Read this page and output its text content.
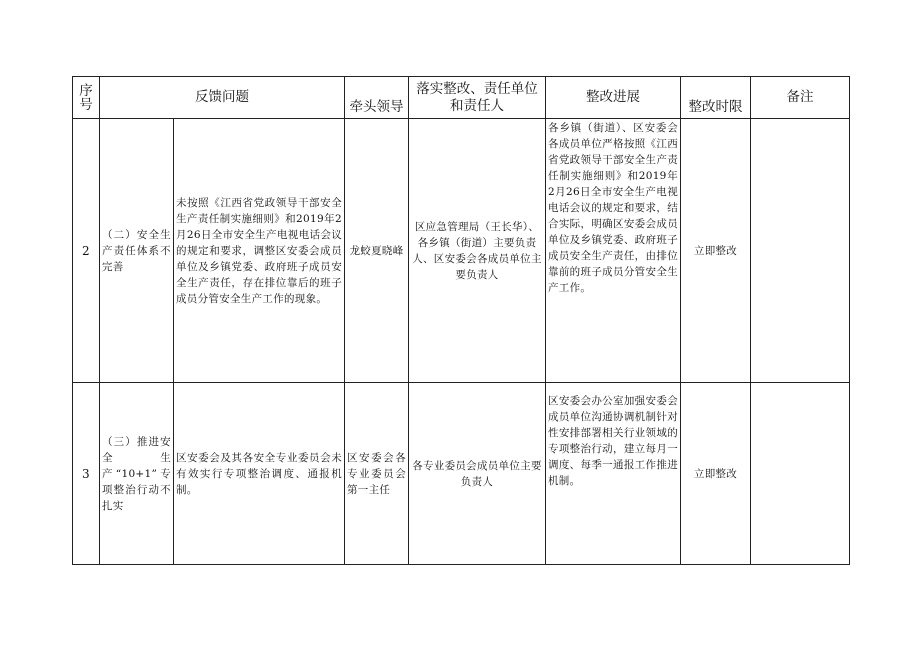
序号	反馈问题		牵头领导	落实整改、责任单位和责任人	整改进展	整改时限	备注
2	（二）安全生产责任体系不完善	未按照《江西省党政领导干部安全生产责任制实施细则》和2019年2月26日全市安全生产电视电话会议的规定和要求，调整区安委会成员单位及乡镇党委、政府班子成员安全生产责任，存在排位靠后的班子成员分管安全生产工作的现象。	龙蛟夏晓峰	区应急管理局（王长华）、各乡镇（街道）主要负责人、区安委会各成员单位主要负责人	各乡镇（街道）、区安委会各成员单位严格按照《江西省党政领导干部安全生产责任制实施细则》和2019年2月26日全市安全生产电视电话会议的规定和要求，结合实际，明确区安委会成员单位及乡镇党委、政府班子成员安全生产责任，由排位靠前的班子成员分管安全生产工作。	立即整改	
3	（三）推进安全生产“10+1”专项整治行动不扎实	区安委会及其各安全专业委员会未有效实行专项整治调度、通报机制。	区安委会各专业委员会第一主任	各专业委员会成员单位主要负责人	区安委会办公室加强安委会成员单位沟通协调机制针对性安排部署相关行业领域的专项整治行动，建立每月一调度、每季一通报工作推进机制。	立即整改	
